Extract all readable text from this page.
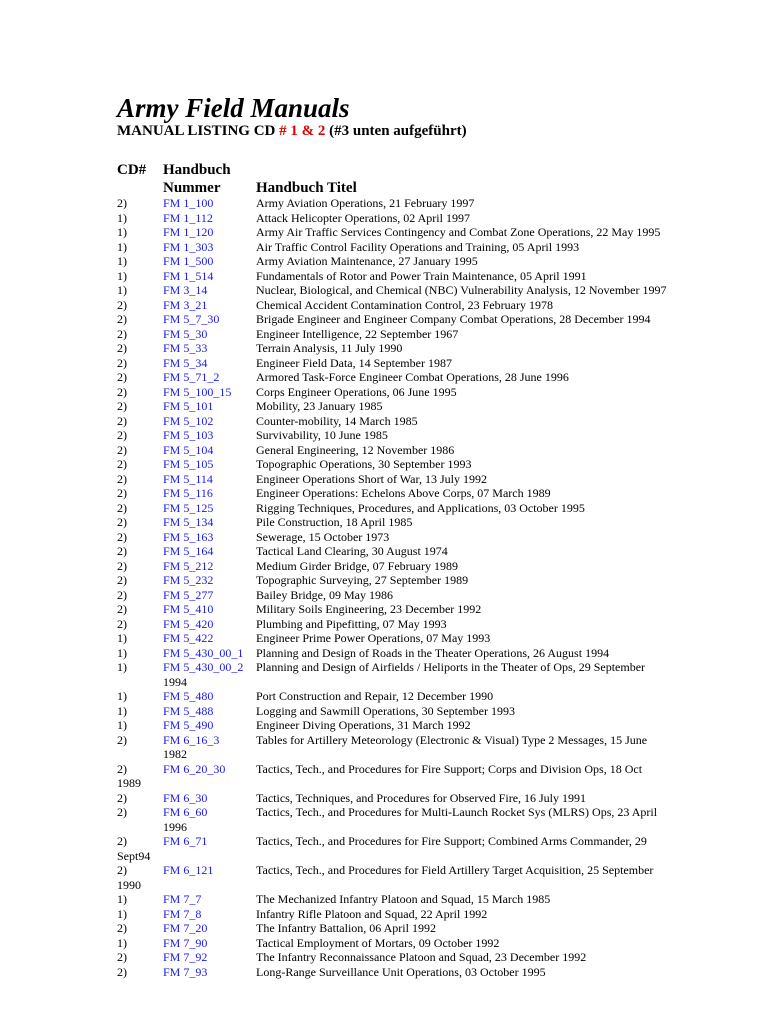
Army Field Manuals
MANUAL LISTING CD # 1 & 2 (#3 unten aufgeführt)
CD# Handbuch
Nummer Handbuch Titel
2)	FM 1_100	Army Aviation Operations, 21 February 1997
1)	FM 1_112	Attack Helicopter Operations, 02 April 1997
1)	FM 1_120	Army Air Traffic Services Contingency and Combat Zone Operations, 22 May 1995
1)	FM 1_303	Air Traffic Control Facility Operations and Training, 05 April 1993
1)	FM 1_500	Army Aviation Maintenance, 27 January 1995
1)	FM 1_514	Fundamentals of Rotor and Power Train Maintenance, 05 April 1991
1)	FM 3_14	Nuclear, Biological, and Chemical (NBC) Vulnerability Analysis, 12 November 1997
2)	FM 3_21	Chemical Accident Contamination Control, 23 February 1978
2)	FM 5_7_30	Brigade Engineer and Engineer Company Combat Operations, 28 December 1994
2)	FM 5_30	Engineer Intelligence, 22 September 1967
2)	FM 5_33	Terrain Analysis, 11 July 1990
2)	FM 5_34	Engineer Field Data, 14 September 1987
2)	FM 5_71_2	Armored Task-Force Engineer Combat Operations, 28 June 1996
2)	FM 5_100_15 Corps Engineer Operations, 06 June 1995
2)	FM 5_101	Mobility, 23 January 1985
2)	FM 5_102	Counter-mobility, 14 March 1985
2)	FM 5_103	Survivability, 10 June 1985
2)	FM 5_104	General Engineering, 12 November 1986
2)	FM 5_105	Topographic Operations, 30 September 1993
2)	FM 5_114	Engineer Operations Short of War, 13 July 1992
2)	FM 5_116	Engineer Operations: Echelons Above Corps, 07 March 1989
2)	FM 5_125	Rigging Techniques, Procedures, and Applications, 03 October 1995
2)	FM 5_134	Pile Construction, 18 April 1985
2)	FM 5_163	Sewerage, 15 October 1973
2)	FM 5_164	Tactical Land Clearing, 30 August 1974
2)	FM 5_212	Medium Girder Bridge, 07 February 1989
2)	FM 5_232	Topographic Surveying, 27 September 1989
2)	FM 5_277	Bailey Bridge, 09 May 1986
2)	FM 5_410	Military Soils Engineering, 23 December 1992
2)	FM 5_420	Plumbing and Pipefitting, 07 May 1993
1)	FM 5_422	Engineer Prime Power Operations, 07 May 1993
1)	FM 5_430_00_1 Planning and Design of Roads in the Theater Operations, 26 August 1994
1)	FM 5_430_00_2 Planning and Design of Airfields / Heliports in the Theater of Ops, 29 September
1994
1)	FM 5_480	Port Construction and Repair, 12 December 1990
1)	FM 5_488	Logging and Sawmill Operations, 30 September 1993
1)	FM 5_490	Engineer Diving Operations, 31 March 1992
2)	FM 6_16_3	Tables for Artillery Meteorology (Electronic & Visual) Type 2 Messages, 15 June
1982
2)	FM 6_20_30	Tactics, Tech., and Procedures for Fire Support; Corps and Division Ops, 18 Oct
1989
2)	FM 6_30	Tactics, Techniques, and Procedures for Observed Fire, 16 July 1991
2)	FM 6_60	Tactics, Tech., and Procedures for Multi-Launch Rocket Sys (MLRS) Ops, 23 April
1996
2)	FM 6_71	Tactics, Tech., and Procedures for Fire Support; Combined Arms Commander, 29
Sept94
2)	FM 6_121	Tactics, Tech., and Procedures for Field Artillery Target Acquisition, 25 September
1990
1)	FM 7_7	The Mechanized Infantry Platoon and Squad, 15 March 1985
1)	FM 7_8	Infantry Rifle Platoon and Squad, 22 April 1992
2)	FM 7_20	The Infantry Battalion, 06 April 1992
1)	FM 7_90	Tactical Employment of Mortars, 09 October 1992
2)	FM 7_92	The Infantry Reconnaissance Platoon and Squad, 23 December 1992
2)	FM 7_93	Long-Range Surveillance Unit Operations, 03 October 1995
